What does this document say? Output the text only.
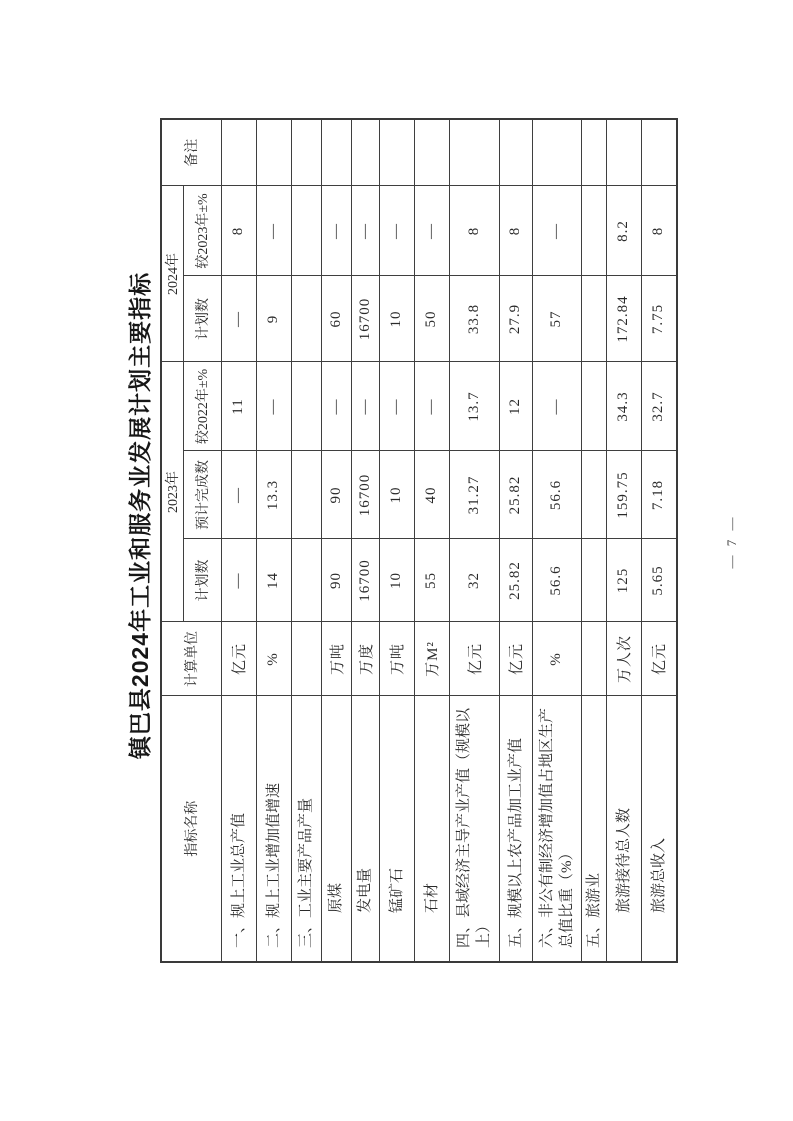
镇巴县2024年工业和服务业发展计划主要指标
指标名称	计算单位	2023年			2024年		备注
		计划数	预计完成数	较2022年±%	计划数	较2023年±%	
一、规上工业总产值	亿元	—	—	11	—	8	
二、规上工业增加值增速	%	14	13.3	—	9	—	
三、工业主要产品产量							
原煤	万吨	90	90	—	60	—	
发电量	万度	16700	16700	—	16700	—	
锰矿石	万吨	10	10	—	10	—	
石材	万M²	55	40	—	50	—	
四、县域经济主导产业产值（规模以上）	亿元	32	31.27	13.7	33.8	8	
五、规模以上农产品加工业产值	亿元	25.82	25.82	12	27.9	8	
六、非公有制经济增加值占地区生产总值比重（%）	%	56.6	56.6	—	57	—	
五、旅游业							
旅游接待总人数	万人次	125	159.75	34.3	172.84	8.2	
旅游总收入	亿元	5.65	7.18	32.7	7.75	8	
— 7 —
